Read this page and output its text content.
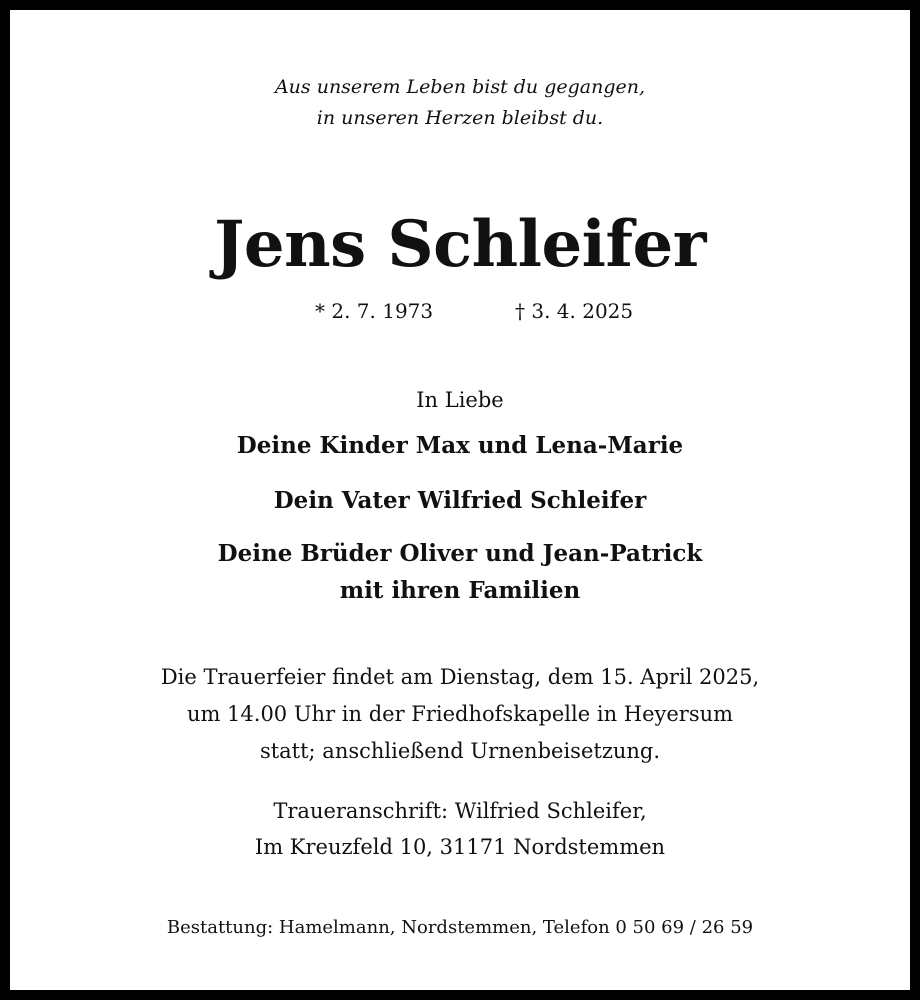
Aus unserem Leben bist du gegangen,
in unseren Herzen bleibst du.
Jens Schleifer
* 2. 7. 1973	† 3. 4. 2025
In Liebe
Deine Kinder Max und Lena-Marie
Dein Vater Wilfried Schleifer
Deine Brüder Oliver und Jean-Patrick
mit ihren Familien
Die Trauerfeier findet am Dienstag, dem 15. April 2025,
um 14.00 Uhr in der Friedhofskapelle in Heyersum
statt; anschließend Urnenbeisetzung.
Traueranschrift: Wilfried Schleifer,
Im Kreuzfeld 10, 31171 Nordstemmen
Bestattung: Hamelmann, Nordstemmen, Telefon 0 50 69 / 26 59
